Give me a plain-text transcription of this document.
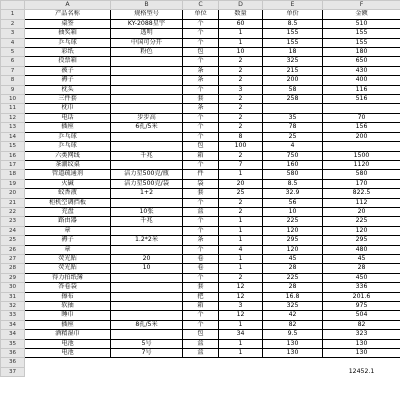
	A	B	C	D	E	F
1	产品名称	规格型号	单位	数量	单价	金额
2	桌签	KY-2088星宇	个	60	8.5	510
3	抽奖箱	透明	个	1	155	155
4	乒乓球	中国可分开	个	1	155	155
5	彩纸	粉色	包	10	18	180
6	投票箱		个	2	325	650
7	被子		条	2	215	430
8	褥子		条	2	200	400
9	枕头		个	3	58	116
10	三件套		套	2	258	516
11	枕巾		条	2		
12	电话	步步高	个	2	35	70
13	插座	6孔/5米	个	2	78	156
14	乒乓球		个	8	25	200
15	乒乓球		包	100	4	
16	六类网线	千兆	箱	2	750	1500
17	茶潮纹桌		个	7	160	1120
18	管道疏通剂	洁力星500克/瓶	件	1	580	580
19	火碱	洁力星500克/袋	袋	20	8.5	170
20	蚊香液	1+2	套	25	32.9	822.5
21	柜机空调挡板		个	2	56	112
22	充盘	10张	盒	2	10	20
23	路由器	千兆	个	1	225	225
24	章		个	1	120	120
25	褥子	1.2*2米	条	1	295	295
26	章		个	4	120	480
27	荧光贴	20	卷	1	45	45
28	荧光贴	10	卷	1	28	28
29	得力拍纸簿		个	2	225	450
30	答卷袋		套	12	28	336
31	擦布		把	12	16.8	201.6
32	软抽		箱	3	325	975
33	睡巾		个	12	42	504
34	插座	8孔/5米	个	1	82	82
34	酒精湿巾		包	34	9.5	323
35	电池	5号	盒	1	130	130
36	电池	7号	盒	1	130	130
36						
37						12452.1
